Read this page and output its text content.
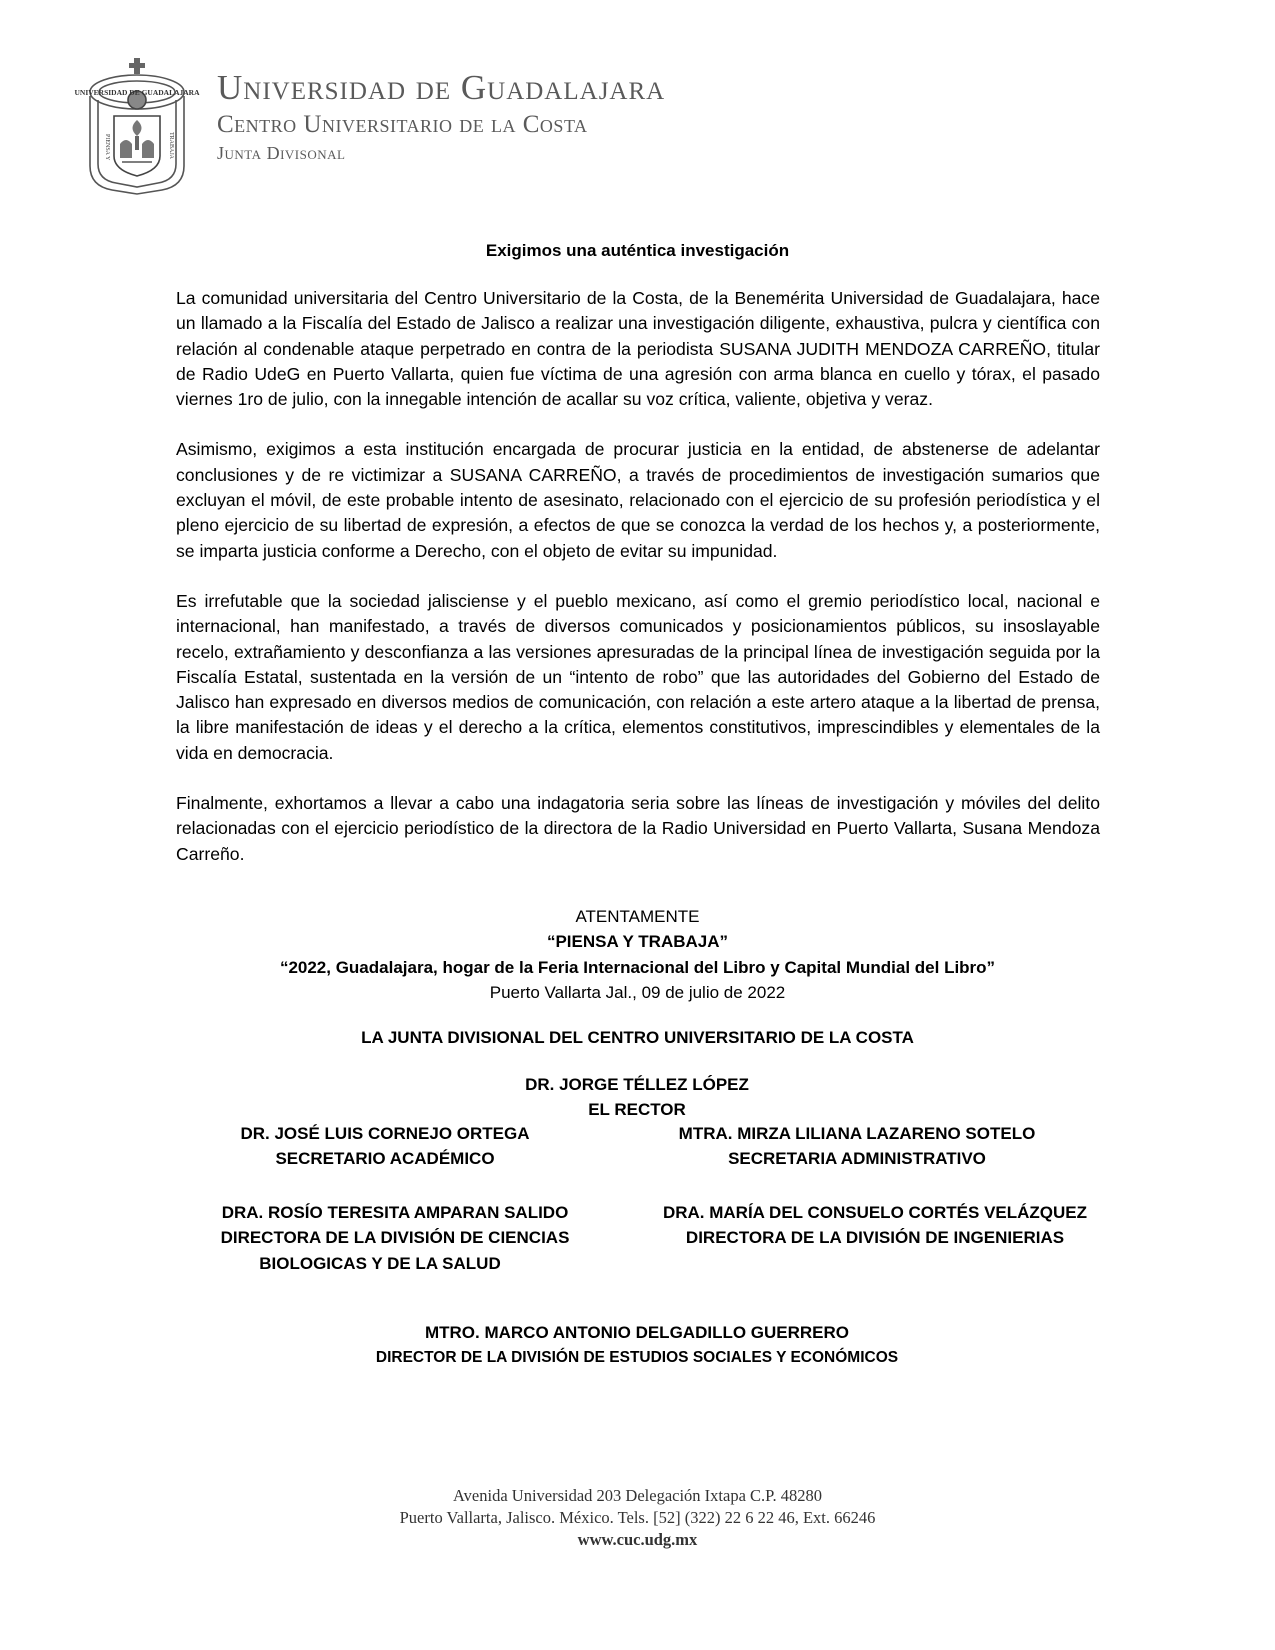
UNIVERSIDAD DE GUADALAJARA
PIENSA Y	TRABAJA
Universidad de Guadalajara
Centro Universitario de la Costa
Junta Divisonal
Exigimos una auténtica investigación

La comunidad universitaria del Centro Universitario de la Costa, de la Benemérita Universidad de Guadalajara, hace un llamado a la Fiscalía del Estado de Jalisco a realizar una investigación diligente, exhaustiva, pulcra y científica con relación al condenable ataque perpetrado en contra de la periodista SUSANA JUDITH MENDOZA CARREÑO, titular de Radio UdeG en Puerto Vallarta, quien fue víctima de una agresión con arma blanca en cuello y tórax, el pasado viernes 1ro de julio, con la innegable intención de acallar su voz crítica, valiente, objetiva y veraz.

Asimismo, exigimos a esta institución encargada de procurar justicia en la entidad, de abstenerse de adelantar conclusiones y de re victimizar a SUSANA CARREÑO, a través de procedimientos de investigación sumarios que excluyan el móvil, de este probable intento de asesinato, relacionado con el ejercicio de su profesión periodística y el pleno ejercicio de su libertad de expresión, a efectos de que se conozca la verdad de los hechos y, a posteriormente, se imparta justicia conforme a Derecho, con el objeto de evitar su impunidad.

Es irrefutable que la sociedad jalisciense y el pueblo mexicano, así como el gremio periodístico local, nacional e internacional, han manifestado, a través de diversos comunicados y posicionamientos públicos, su insoslayable recelo, extrañamiento y desconfianza a las versiones apresuradas de la principal línea de investigación seguida por la Fiscalía Estatal, sustentada en la versión de un “intento de robo” que las autoridades del Gobierno del Estado de Jalisco han expresado en diversos medios de comunicación, con relación a este artero ataque a la libertad de prensa, la libre manifestación de ideas y el derecho a la crítica, elementos constitutivos, imprescindibles y elementales de la vida en democracia.

Finalmente, exhortamos a llevar a cabo una indagatoria seria sobre las líneas de investigación y móviles del delito relacionadas con el ejercicio periodístico de la directora de la Radio Universidad en Puerto Vallarta, Susana Mendoza Carreño.

ATENTAMENTE
“PIENSA Y TRABAJA”
“2022, Guadalajara, hogar de la Feria Internacional del Libro y Capital Mundial del Libro”
Puerto Vallarta Jal., 09 de julio de 2022
LA JUNTA DIVISIONAL DEL CENTRO UNIVERSITARIO DE LA COSTA
DR. JORGE TÉLLEZ LÓPEZ
EL RECTOR
DR. JOSÉ LUIS CORNEJO ORTEGA
SECRETARIO ACADÉMICO
MTRA. MIRZA LILIANA LAZARENO SOTELO
SECRETARIA ADMINISTRATIVO
DRA. ROSÍO TERESITA AMPARAN SALIDO
DIRECTORA DE LA DIVISIÓN DE CIENCIAS
BIOLOGICAS Y DE LA SALUD
DRA. MARÍA DEL CONSUELO CORTÉS VELÁZQUEZ
DIRECTORA DE LA DIVISIÓN DE INGENIERIAS
MTRO. MARCO ANTONIO DELGADILLO GUERRERO
DIRECTOR DE LA DIVISIÓN DE ESTUDIOS SOCIALES Y ECONÓMICOS
Avenida Universidad 203 Delegación Ixtapa C.P. 48280
Puerto Vallarta, Jalisco. México. Tels. [52] (322) 22 6 22 46, Ext. 66246
www.cuc.udg.mx
